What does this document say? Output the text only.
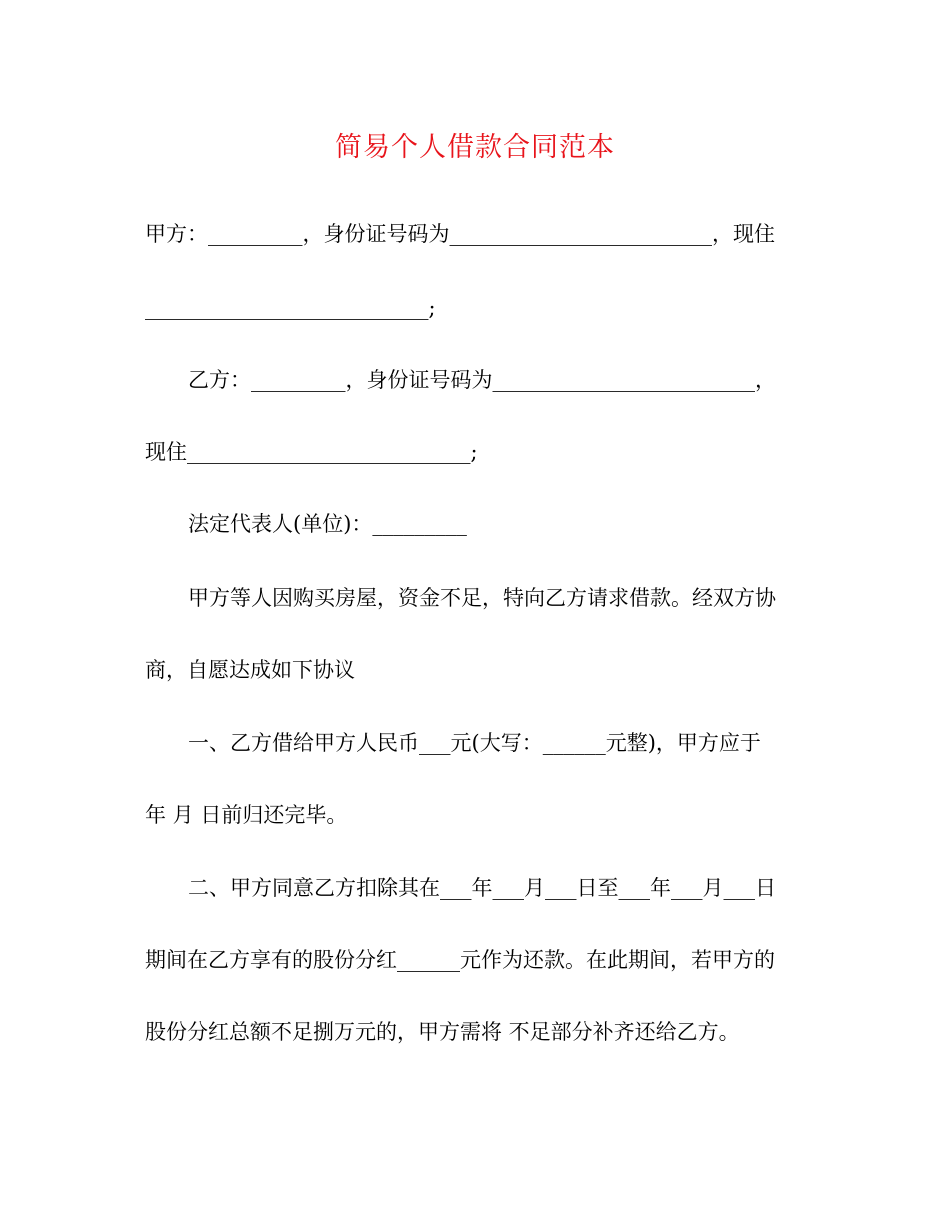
简易个人借款合同范本
甲方：_________，身份证号码为_________________________，现住
___________________________;
乙方：_________，身份证号码为_________________________，
现住___________________________;
法定代表人(单位)：_________
甲方等人因购买房屋，资金不足，特向乙方请求借款。经双方协
商，自愿达成如下协议
一、乙方借给甲方人民币___元(大写：______元整)，甲方应于
年 月 日前归还完毕。
二、甲方同意乙方扣除其在___年___月___日至___年___月___日
期间在乙方享有的股份分红______元作为还款。在此期间，若甲方的
股份分红总额不足捌万元的，甲方需将 不足部分补齐还给乙方。
